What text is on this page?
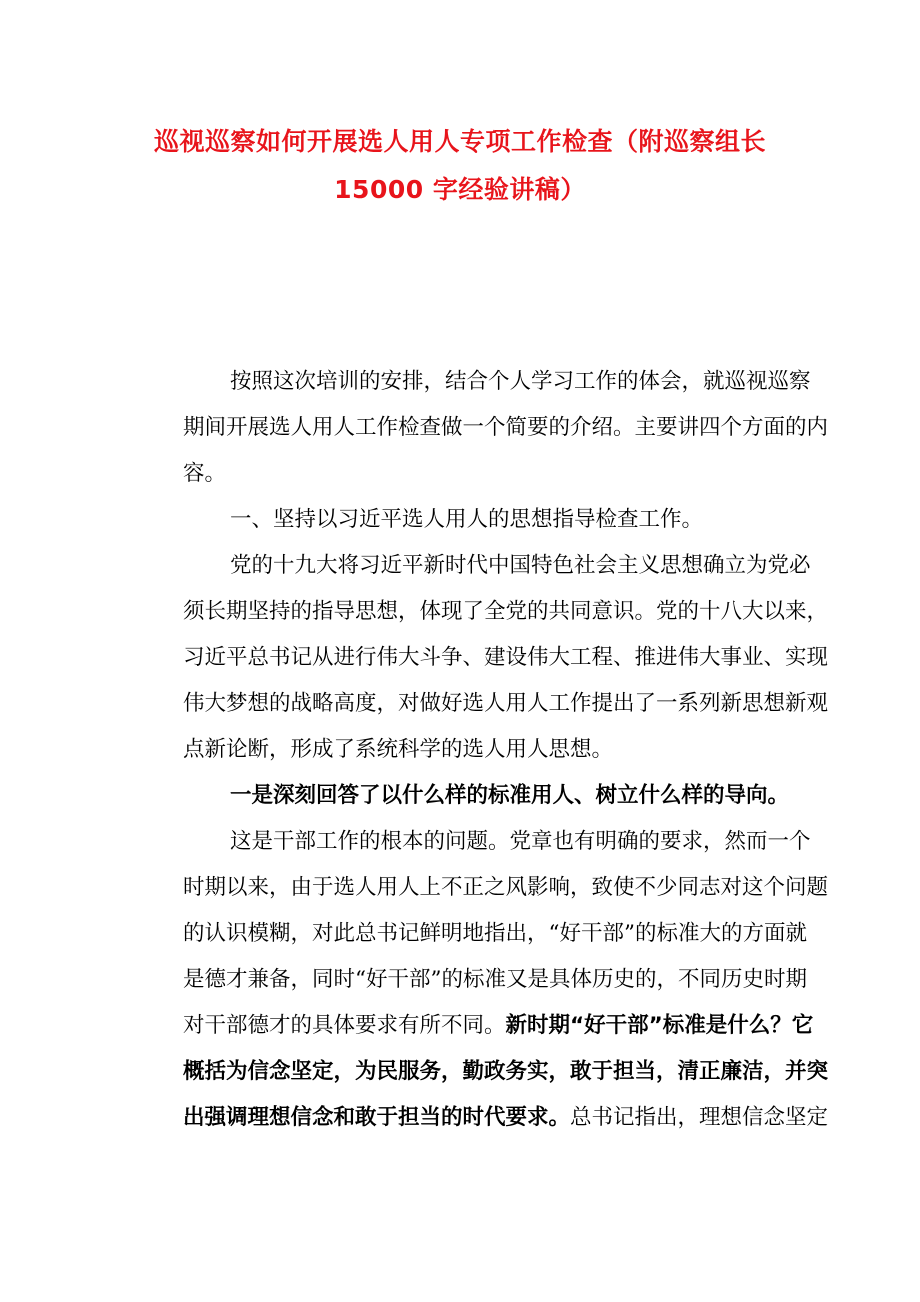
巡视巡察如何开展选人用人专项工作检查（附巡察组长
15000 字经验讲稿）
按照这次培训的安排，结合个人学习工作的体会，就巡视巡察
期间开展选人用人工作检查做一个简要的介绍。主要讲四个方面的内
容。
一、坚持以习近平选人用人的思想指导检查工作。
党的十九大将习近平新时代中国特色社会主义思想确立为党必
须长期坚持的指导思想，体现了全党的共同意识。党的十八大以来，
习近平总书记从进行伟大斗争、建设伟大工程、推进伟大事业、实现
伟大梦想的战略高度，对做好选人用人工作提出了一系列新思想新观
点新论断，形成了系统科学的选人用人思想。
一是深刻回答了以什么样的标准用人、树立什么样的导向。
这是干部工作的根本的问题。党章也有明确的要求，然而一个
时期以来，由于选人用人上不正之风影响，致使不少同志对这个问题
的认识模糊，对此总书记鲜明地指出，“好干部”的标准大的方面就
是德才兼备，同时“好干部”的标准又是具体历史的，不同历史时期
对干部德才的具体要求有所不同。新时期“好干部”标准是什么？它
概括为信念坚定，为民服务，勤政务实，敢于担当，清正廉洁，并突
出强调理想信念和敢于担当的时代要求。总书记指出，理想信念坚定
